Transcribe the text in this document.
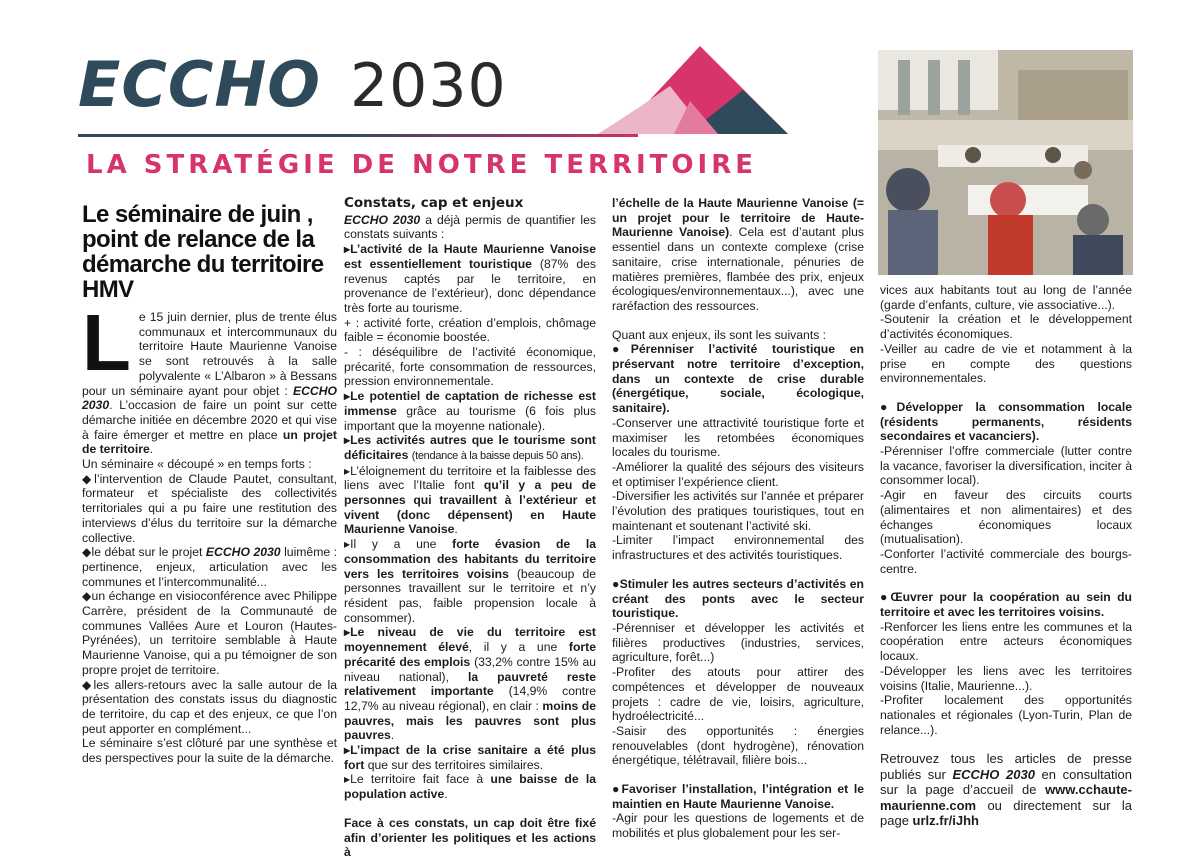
ECCHO 2030
LA STRATÉGIE DE NOTRE TERRITOIRE
Le séminaire de juin , point de relance de la démarche du territoire HMV

Le 15 juin dernier, plus de trente élus communaux et intercommunaux du territoire Haute Maurienne Vanoise se sont retrouvés à la salle polyvalente « L’Albaron » à Bessans pour un séminaire ayant pour objet : ECCHO 2030. L’occasion de faire un point sur cette démarche initiée en décembre 2020 et qui vise à faire émerger et mettre en place un projet de territoire.

Un séminaire « découpé » en temps forts :

◆l’intervention de Claude Pautet, consultant, formateur et spécialiste des collectivités territoriales qui a pu faire une restitution des interviews d’élus du territoire sur la démarche collective.

◆le débat sur le projet ECCHO 2030 luimême : pertinence, enjeux, articulation avec les communes et l’intercommunalité...

◆un échange en visioconférence avec Philippe Carrère, président de la Communauté de communes Vallées Aure et Louron (Hautes-Pyrénées), un territoire semblable à Haute Maurienne Vanoise, qui a pu témoigner de son propre projet de territoire.

◆les allers-retours avec la salle autour de la présentation des constats issus du diagnostic de territoire, du cap et des enjeux, ce que l’on peut apporter en complément...

Le séminaire s’est clôturé par une synthèse et des perspectives pour la suite de la démarche.

Constats, cap et enjeux

ECCHO 2030 a déjà permis de quantifier les constats suivants :

▸L’activité de la Haute Maurienne Vanoise est essentiellement touristique (87% des revenus captés par le territoire, en provenance de l’extérieur), donc dépendance très forte au tourisme.

+ : activité forte, création d’emplois, chômage faible = économie boostée.

- : déséquilibre de l’activité économique, précarité, forte consommation de ressources, pression environnementale.

▸Le potentiel de captation de richesse est immense grâce au tourisme (6 fois plus important que la moyenne nationale).

▸Les activités autres que le tourisme sont déficitaires (tendance à la baisse depuis 50 ans).

▸L’éloignement du territoire et la faiblesse des liens avec l’Italie font qu’il y a peu de personnes qui travaillent à l’extérieur et vivent (donc dépensent) en Haute Maurienne Vanoise.

▸Il y a une forte évasion de la consommation des habitants du territoire vers les territoires voisins (beaucoup de personnes travaillent sur le territoire et n’y résident pas, faible propension locale à consommer).

▸Le niveau de vie du territoire est moyennement élevé, il y a une forte précarité des emplois (33,2% contre 15% au niveau national), la pauvreté reste relativement importante (14,9% contre 12,7% au niveau régional), en clair : moins de pauvres, mais les pauvres sont plus pauvres.

▸L’impact de la crise sanitaire a été plus fort que sur des territoires similaires.

▸Le territoire fait face à une baisse de la population active.

Face à ces constats, un cap doit être fixé afin d’orienter les politiques et les actions à

l’échelle de la Haute Maurienne Vanoise (= un projet pour le territoire de Haute-Maurienne Vanoise). Cela est d’autant plus essentiel dans un contexte complexe (crise sanitaire, crise internationale, pénuries de matières premières, flambée des prix, enjeux écologiques/environnementaux...), avec une raréfaction des ressources.

Quant aux enjeux, ils sont les suivants :

●Pérenniser l’activité touristique en préservant notre territoire d’exception, dans un contexte de crise durable (énergétique, sociale, écologique, sanitaire).

-Conserver une attractivité touristique forte et maximiser les retombées économiques locales du tourisme.
-Améliorer la qualité des séjours des visiteurs et optimiser l’expérience client.
-Diversifier les activités sur l’année et préparer l’évolution des pratiques touristiques, tout en maintenant et soutenant l’activité ski.
-Limiter l’impact environnemental des infrastructures et des activités touristiques.

●Stimuler les autres secteurs d’activités en créant des ponts avec le secteur touristique.

-Pérenniser et développer les activités et filières productives (industries, services, agriculture, forêt...)
-Profiter des atouts pour attirer des compétences et développer de nouveaux projets : cadre de vie, loisirs, agriculture, hydroélectricité...
-Saisir des opportunités : énergies renouvelables (dont hydrogène), rénovation énergétique, télétravail, filière bois...

●Favoriser l’installation, l’intégration et le maintien en Haute Maurienne Vanoise.

-Agir pour les questions de logements et de mobilités et plus globalement pour les ser-

vices aux habitants tout au long de l’année (garde d’enfants, culture, vie associative...).
-Soutenir la création et le développement d’activités économiques.
-Veiller au cadre de vie et notamment à la prise en compte des questions environnementales.

●Développer la consommation locale (résidents permanents, résidents secondaires et vacanciers).

-Pérenniser l’offre commerciale (lutter contre la vacance, favoriser la diversification, inciter à consommer local).
-Agir en faveur des circuits courts (alimentaires et non alimentaires) et des échanges économiques locaux (mutualisation).
-Conforter l’activité commerciale des bourgs-centre.

●Œuvrer pour la coopération au sein du territoire et avec les territoires voisins.

-Renforcer les liens entre les communes et la coopération entre acteurs économiques locaux.
-Développer les liens avec les territoires voisins (Italie, Maurienne...).
-Profiter localement des opportunités nationales et régionales (Lyon-Turin, Plan de relance...).

Retrouvez tous les articles de presse publiés sur ECCHO 2030 en consultation sur la page d’accueil de www.cchaute-maurienne.com ou directement sur la page urlz.fr/iJhh
